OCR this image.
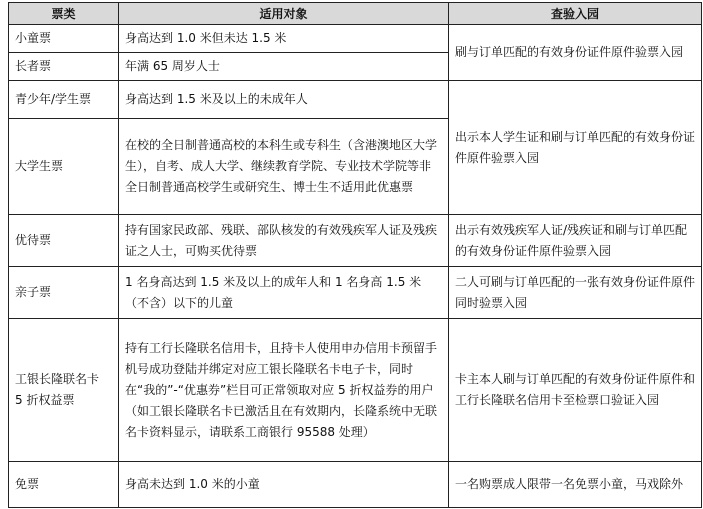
票类	适用对象	查验入园
小童票	身高达到 1.0 米但未达 1.5 米	刷与订单匹配的有效身份证件原件验票入园
长者票	年满 65 周岁人士	
青少年/学生票	身高达到 1.5 米及以上的未成年人	出示本人学生证和刷与订单匹配的有效身份证件原件验票入园
大学生票	在校的全日制普通高校的本科生或专科生（含港澳地区大学生），自考、成人大学、继续教育学院、专业技术学院等非全日制普通高校学生或研究生、博士生不适用此优惠票	
优待票	持有国家民政部、残联、部队核发的有效残疾军人证及残疾证之人士，可购买优待票	出示有效残疾军人证/残疾证和刷与订单匹配的有效身份证件原件验票入园
亲子票	1 名身高达到 1.5 米及以上的成年人和 1 名身高 1.5 米（不含）以下的儿童	二人可刷与订单匹配的一张有效身份证件原件同时验票入园
工银长隆联名卡 5 折权益票	持有工行长隆联名信用卡，且持卡人使用申办信用卡预留手机号成功登陆并绑定对应工银长隆联名卡电子卡，同时在“我的”-“优惠券”栏目可正常领取对应 5 折权益券的用户（如工银长隆联名卡已激活且在有效期内，长隆系统中无联名卡资料显示，请联系工商银行 95588 处理）	卡主本人刷与订单匹配的有效身份证件原件和工行长隆联名信用卡至检票口验证入园
免票	身高未达到 1.0 米的小童	一名购票成人限带一名免票小童，马戏除外
